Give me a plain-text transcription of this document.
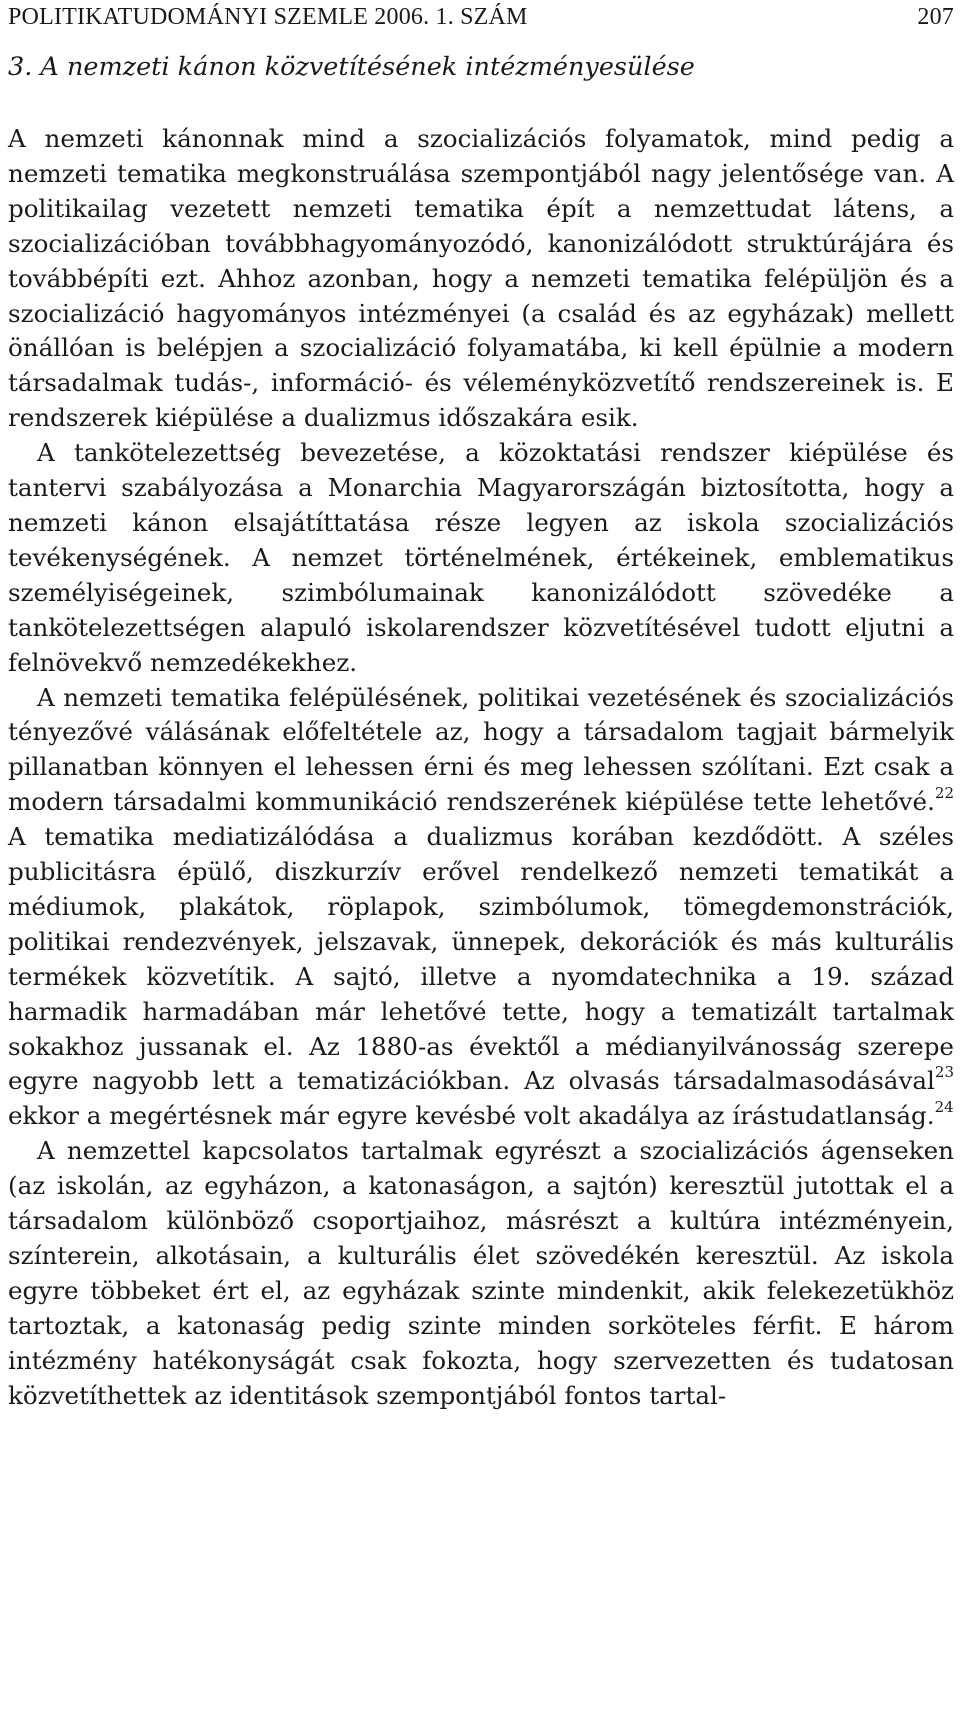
POLITIKATUDOMÁNYI SZEMLE 2006. 1. SZÁM	207
3. A nemzeti kánon közvetítésének intézményesülése

A nemzeti kánonnak mind a szocializációs folyamatok, mind pedig a nemzeti tematika megkonstruálása szempontjából nagy jelentősége van. A politikailag vezetett nemzeti tematika épít a nemzettudat látens, a szocializációban továbbhagyományozódó, kanonizálódott struktúrájára és továbbépíti ezt. Ahhoz azonban, hogy a nemzeti tematika felépüljön és a szocializáció hagyományos intézményei (a család és az egyházak) mellett önállóan is belépjen a szocializáció folyamatába, ki kell épülnie a modern társadalmak tudás-, információ- és véleményközvetítő rendszereinek is. E rendszerek kiépülése a dualizmus időszakára esik.

A tankötelezettség bevezetése, a közoktatási rendszer kiépülése és tantervi szabályozása a Monarchia Magyarországán biztosította, hogy a nemzeti kánon elsajátíttatása része legyen az iskola szocializációs tevékenységének. A nemzet történelmének, értékeinek, emblematikus személyiségeinek, szimbólumainak kanonizálódott szövedéke a tankötelezettségen alapuló iskolarendszer közvetítésével tudott eljutni a felnövekvő nemzedékekhez.

A nemzeti tematika felépülésének, politikai vezetésének és szocializációs tényezővé válásának előfeltétele az, hogy a társadalom tagjait bármelyik pillanatban könnyen el lehessen érni és meg lehessen szólítani. Ezt csak a modern társadalmi kommunikáció rendszerének kiépülése tette lehetővé.$^{22}$ A tematika mediatizálódása a dualizmus korában kezdődött. A széles publicitásra épülő, diszkurzív erővel rendelkező nemzeti tematikát a médiumok, plakátok, röplapok, szimbólumok, tömegdemonstrációk, politikai rendezvények, jelszavak, ünnepek, dekorációk és más kulturális termékek közvetítik. A sajtó, illetve a nyomdatechnika a 19. század harmadik harmadában már lehetővé tette, hogy a tematizált tartalmak sokakhoz jussanak el. Az 1880-as évektől a médianyilvánosság szerepe egyre nagyobb lett a tematizációkban. Az olvasás társadalmasodásával$^{23}$ ekkor a megértésnek már egyre kevésbé volt akadálya az írástudatlanság.$^{24}$

A nemzettel kapcsolatos tartalmak egyrészt a szocializációs ágenseken (az iskolán, az egyházon, a katonaságon, a sajtón) keresztül jutottak el a társadalom különböző csoportjaihoz, másrészt a kultúra intézményein, színterein, alkotásain, a kulturális élet szövedékén keresztül. Az iskola egyre többeket ért el, az egyházak szinte mindenkit, akik felekezetükhöz tartoztak, a katonaság pedig szinte minden sorköteles férfit. E három intézmény hatékonyságát csak fokozta, hogy szervezetten és tudatosan közvetíthettek az identitások szempontjából fontos tartal-
